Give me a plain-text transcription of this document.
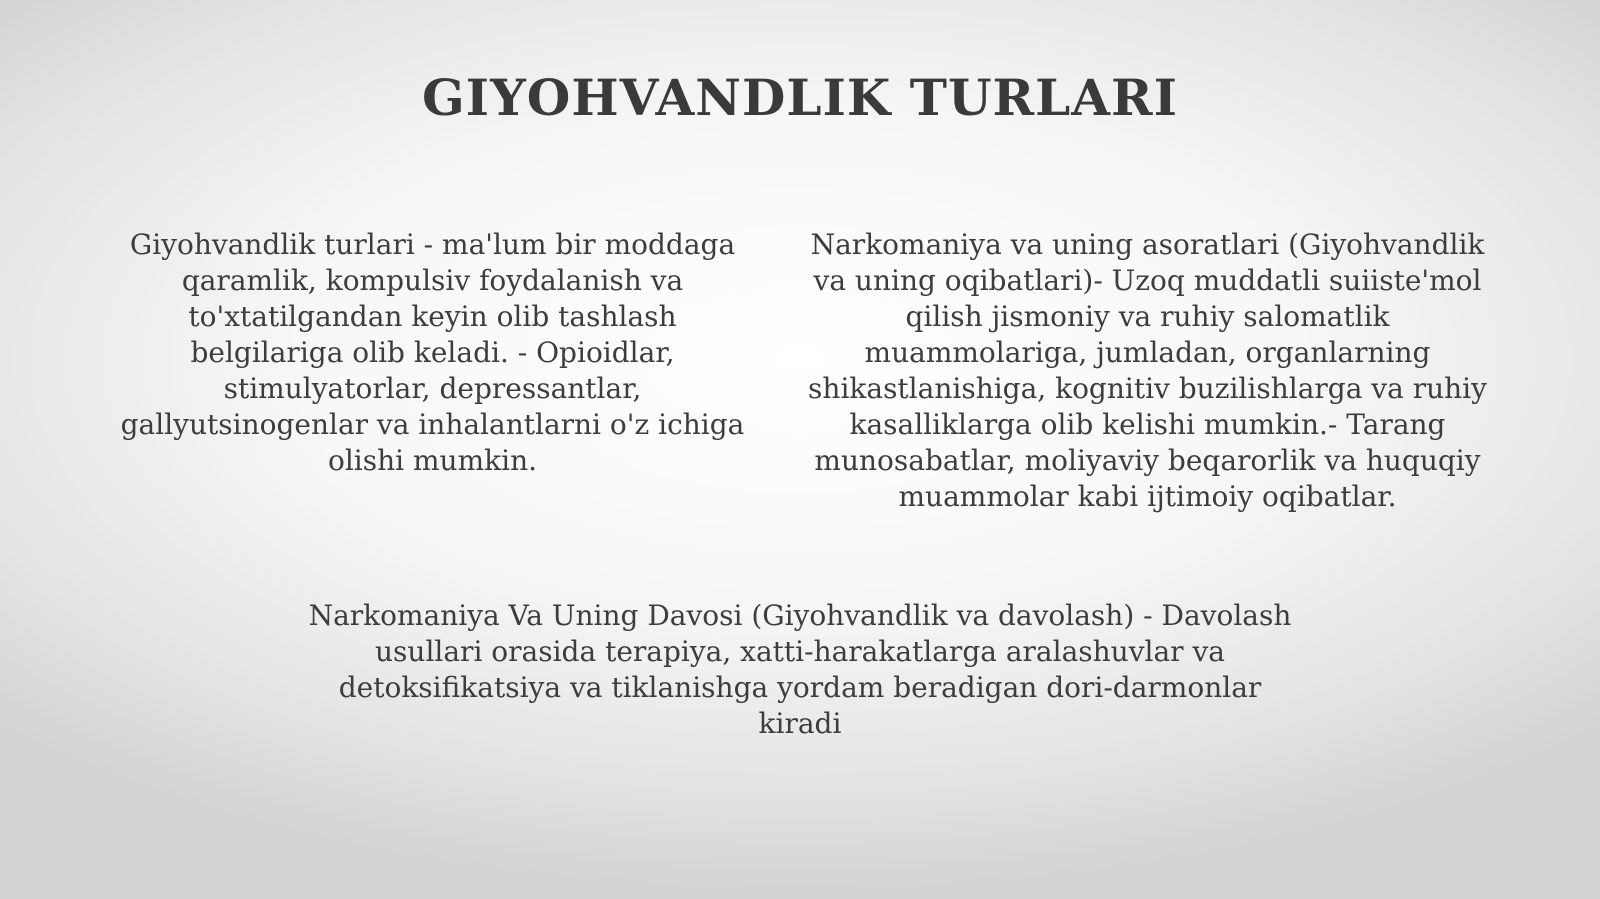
GIYOHVANDLIK TURLARI

Giyohvandlik turlari - ma'lum bir moddaga qaramlik, kompulsiv foydalanish va to'xtatilgandan keyin olib tashlash belgilariga olib keladi. - Opioidlar, stimulyatorlar, depressantlar, gallyutsinogenlar va inhalantlarni o'z ichiga olishi mumkin.

Narkomaniya va uning asoratlari (Giyohvandlik va uning oqibatlari)- Uzoq muddatli suiiste'mol qilish jismoniy va ruhiy salomatlik muammolariga, jumladan, organlarning shikastlanishiga, kognitiv buzilishlarga va ruhiy kasalliklarga olib kelishi mumkin.- Tarang munosabatlar, moliyaviy beqarorlik va huquqiy muammolar kabi ijtimoiy oqibatlar.

Narkomaniya Va Uning Davosi (Giyohvandlik va davolash) - Davolash usullari orasida terapiya, xatti-harakatlarga aralashuvlar va detoksifikatsiya va tiklanishga yordam beradigan dori-darmonlar kiradi
